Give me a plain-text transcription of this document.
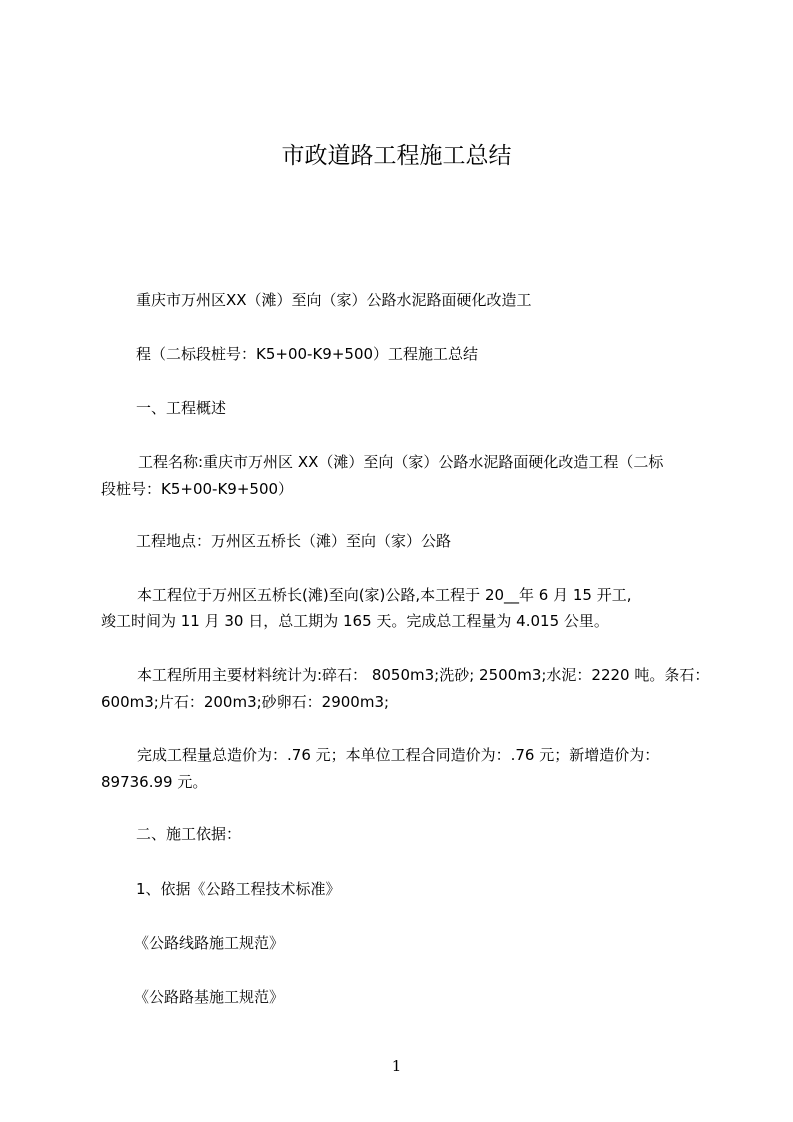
市政道路工程施工总结
重庆市万州区XX（滩）至向（家）公路水泥路面硬化改造工
程（二标段桩号：K5+00-K9+500）工程施工总结
一、工程概述
工程名称:重庆市万州区 XX（滩）至向（家）公路水泥路面硬化改造工程（二标
段桩号：K5+00-K9+500）
工程地点：万州区五桥长（滩）至向（家）公路
本工程位于万州区五桥长(滩)至向(家)公路,本工程于 20__年 6 月 15 开工,
竣工时间为 11 月 30 日，总工期为 165 天。完成总工程量为 4.015 公里。
本工程所用主要材料统计为:碎石： 8050m3;洗砂; 2500m3;水泥：2220 吨。条石：
600m3;片石：200m3;砂卵石：2900m3;
完成工程量总造价为：.76 元；本单位工程合同造价为：.76 元；新增造价为：
89736.99 元。
二、施工依据：
1、依据《公路工程技术标准》
《公路线路施工规范》
《公路路基施工规范》
1
